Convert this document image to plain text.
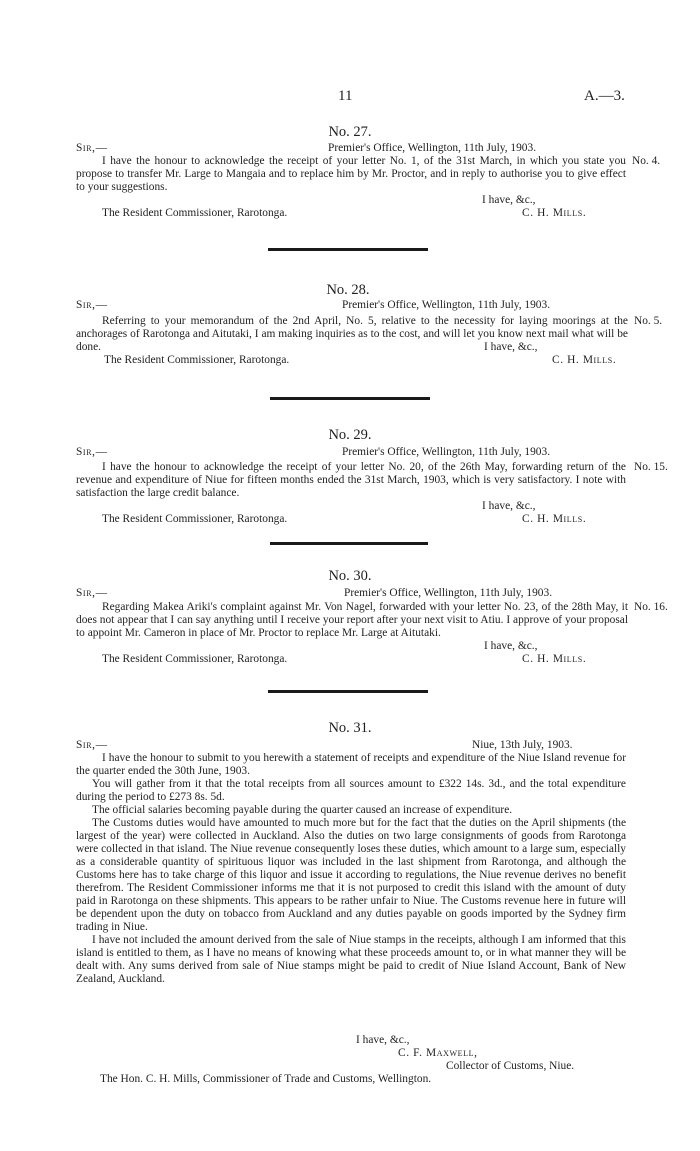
11	A.—3.
No. 27.
Sir,—	Premier's Office, Wellington, 11th July, 1903.
No. 4.
I have the honour to acknowledge the receipt of your letter No. 1, of the 31st March, in which you state you propose to transfer Mr. Large to Mangaia and to replace him by Mr. Proctor, and in reply to authorise you to give effect to your suggestions.
I have, &c.,
C. H. Mills.
The Resident Commissioner, Rarotonga.
No. 28.
Sir,—	Premier's Office, Wellington, 11th July, 1903.
No. 5.
Referring to your memorandum of the 2nd April, No. 5, relative to the necessity for laying moorings at the anchorages of Rarotonga and Aitutaki, I am making inquiries as to the cost, and will let you know next mail what will be done.	I have, &c.,
C. H. Mills.
The Resident Commissioner, Rarotonga.
No. 29.
Sir,—	Premier's Office, Wellington, 11th July, 1903.
No. 15.
I have the honour to acknowledge the receipt of your letter No. 20, of the 26th May, forwarding return of the revenue and expenditure of Niue for fifteen months ended the 31st March, 1903, which is very satisfactory. I note with satisfaction the large credit balance.
I have, &c.,
C. H. Mills.
The Resident Commissioner, Rarotonga.
No. 30.
Sir,—	Premier's Office, Wellington, 11th July, 1903.
No. 16.
Regarding Makea Ariki's complaint against Mr. Von Nagel, forwarded with your letter No. 23, of the 28th May, it does not appear that I can say anything until I receive your report after your next visit to Atiu. I approve of your proposal to appoint Mr. Cameron in place of Mr. Proctor to replace Mr. Large at Aitutaki.
I have, &c.,
C. H. Mills.
The Resident Commissioner, Rarotonga.
No. 31.
Sir,—	Niue, 13th July, 1903.

I have the honour to submit to you herewith a statement of receipts and expenditure of the Niue Island revenue for the quarter ended the 30th June, 1903.

You will gather from it that the total receipts from all sources amount to £322 14s. 3d., and the total expenditure during the period to £273 8s. 5d.

The official salaries becoming payable during the quarter caused an increase of expenditure.

The Customs duties would have amounted to much more but for the fact that the duties on the April shipments (the largest of the year) were collected in Auckland. Also the duties on two large consignments of goods from Rarotonga were collected in that island. The Niue revenue consequently loses these duties, which amount to a large sum, especially as a considerable quantity of spirituous liquor was included in the last shipment from Rarotonga, and although the Customs here has to take charge of this liquor and issue it according to regulations, the Niue revenue derives no benefit therefrom. The Resident Commissioner informs me that it is not purposed to credit this island with the amount of duty paid in Rarotonga on these shipments. This appears to be rather unfair to Niue. The Customs revenue here in future will be dependent upon the duty on tobacco from Auckland and any duties payable on goods imported by the Sydney firm trading in Niue.

I have not included the amount derived from the sale of Niue stamps in the receipts, although I am informed that this island is entitled to them, as I have no means of knowing what these proceeds amount to, or in what manner they will be dealt with. Any sums derived from sale of Niue stamps might be paid to credit of Niue Island Account, Bank of New Zealand, Auckland.

I have, &c.,
C. F. Maxwell,
Collector of Customs, Niue.
The Hon. C. H. Mills, Commissioner of Trade and Customs, Wellington.
